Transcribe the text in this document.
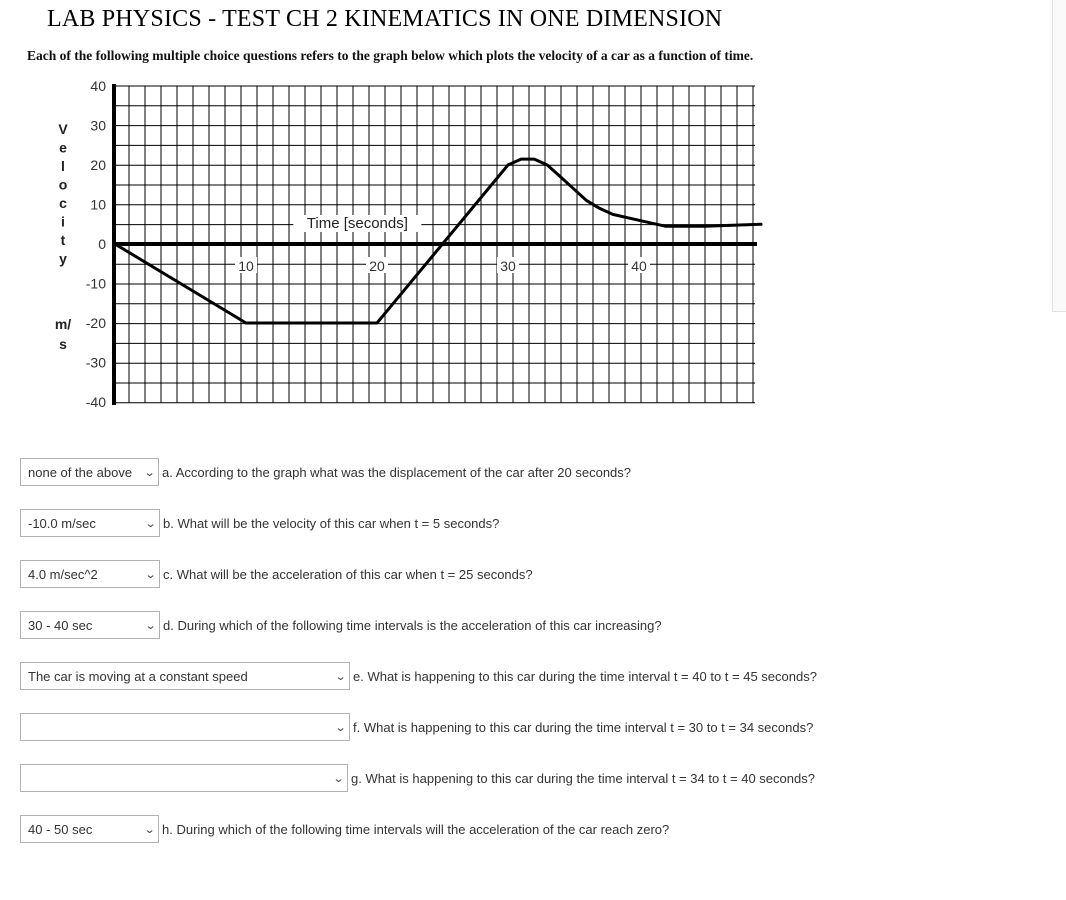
LAB PHYSICS - TEST CH 2 KINEMATICS IN ONE DIMENSION

Each of the following multiple choice questions refers to the graph below which plots the velocity of a car as a function of time.

Time [seconds]
10	20	30	40
40
30
20
10
0
-10
-20
-30
-40
V
e
l
o
c
i
t
y
m/
s
none of the above ⌄ a. According to the graph what was the displacement of the car after 20 seconds?
-10.0 m/sec	⌄ b. What will be the velocity of this car when t = 5 seconds?
4.0 m/sec^2	⌄ c. What will be the acceleration of this car when t = 25 seconds?
30 - 40 sec	⌄ d. During which of the following time intervals is the acceleration of this car increasing?
The car is moving at a constant speed	⌄ e. What is happening to this car during the time interval t = 40 to t = 45 seconds?
⌄ f. What is happening to this car during the time interval t = 30 to t = 34 seconds?
⌄ g. What is happening to this car during the time interval t = 34 to t = 40 seconds?
40 - 50 sec	⌄ h. During which of the following time intervals will the acceleration of the car reach zero?
